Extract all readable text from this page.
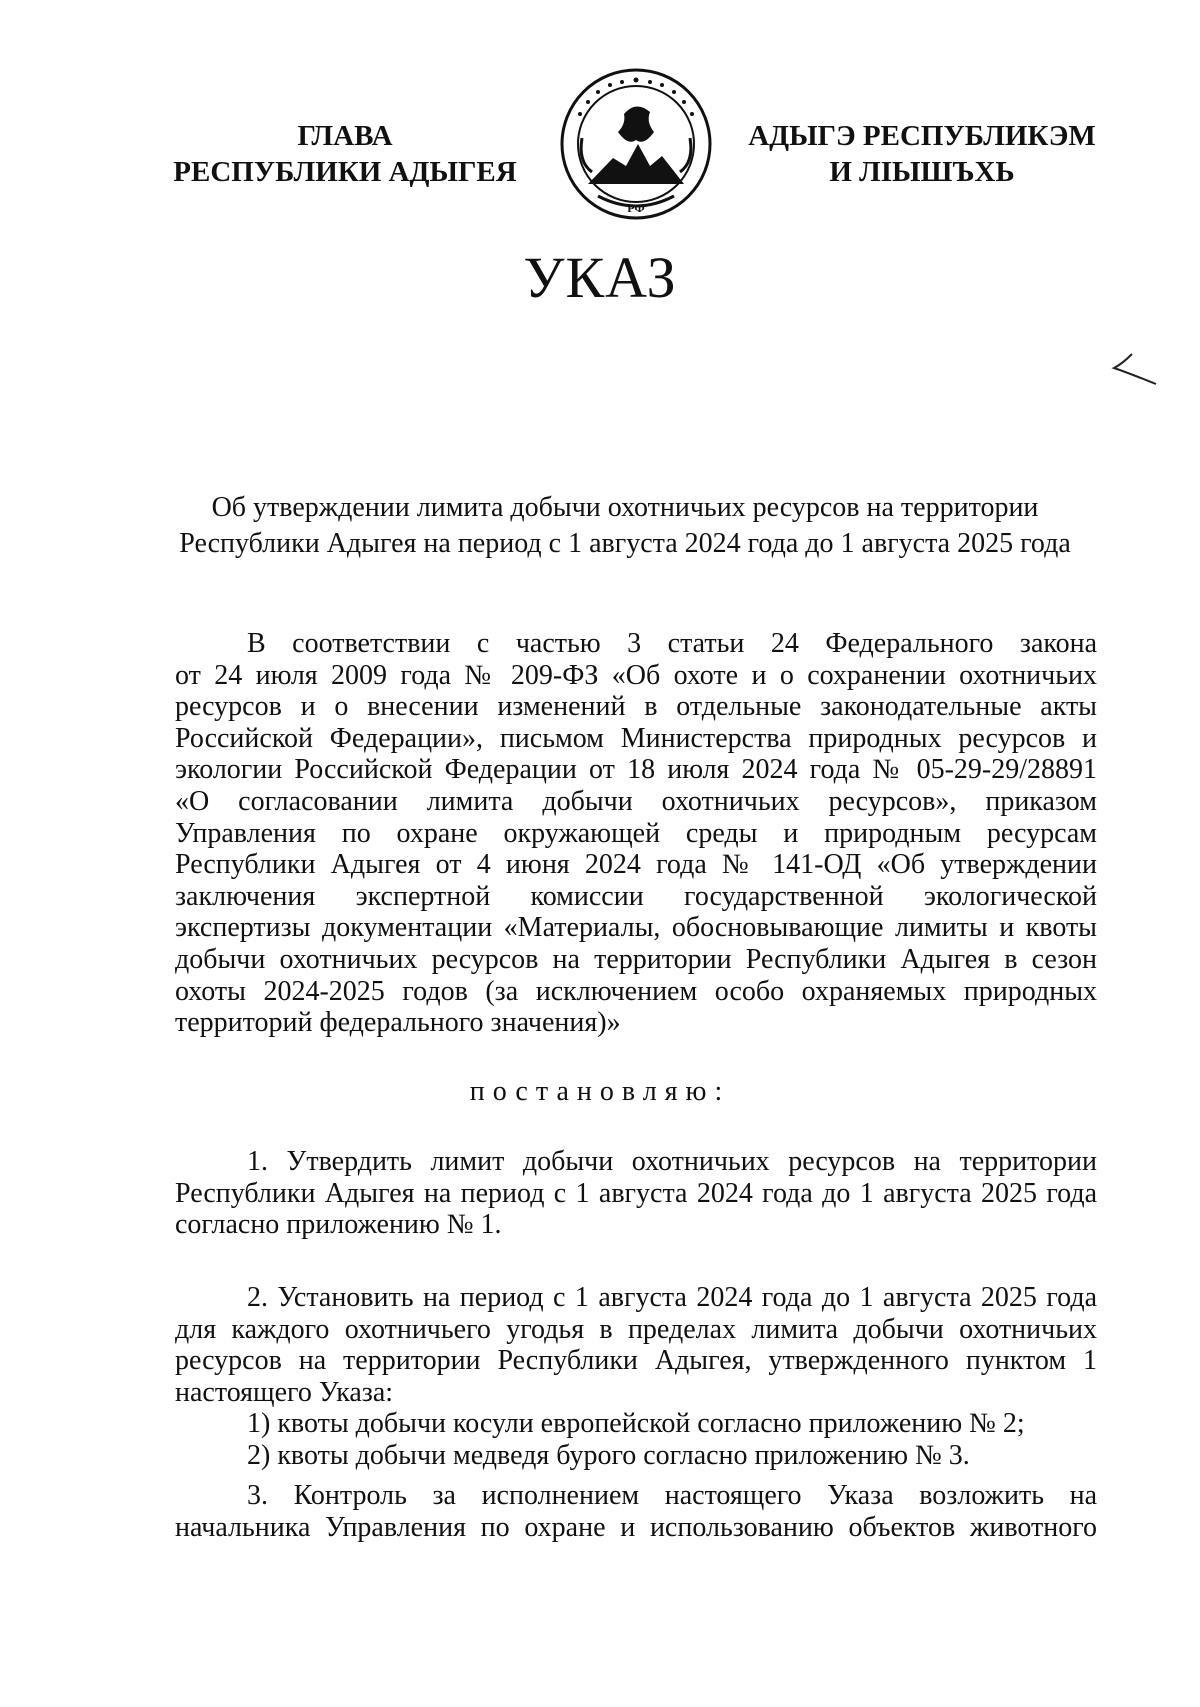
ГЛАВА
РЕСПУБЛИКИ АДЫГЕЯ
РФ
АДЫГЭ РЕСПУБЛИКЭМ
И ЛІЫШЪХЬ
УКАЗ
Об утверждении лимита добычи охотничьих ресурсов на территории
Республики Адыгея на период с 1 августа 2024 года до 1 августа 2025 года
В соответствии с частью 3 статьи 24 Федерального закона
от 24 июля 2009 года № 209-ФЗ «Об охоте и о сохранении охотничьих
ресурсов и о внесении изменений в отдельные законодательные акты
Российской Федерации», письмом Министерства природных ресурсов и
экологии Российской Федерации от 18 июля 2024 года № 05-29-29/28891
«О согласовании лимита добычи охотничьих ресурсов», приказом
Управления по охране окружающей среды и природным ресурсам
Республики Адыгея от 4 июня 2024 года № 141-ОД «Об утверждении
заключения экспертной комиссии государственной экологической
экспертизы документации «Материалы, обосновывающие лимиты и квоты
добычи охотничьих ресурсов на территории Республики Адыгея в сезон
охоты 2024-2025 годов (за исключением особо охраняемых природных
территорий федерального значения)»
постановляю:
1. Утвердить лимит добычи охотничьих ресурсов на территории
Республики Адыгея на период с 1 августа 2024 года до 1 августа 2025 года
согласно приложению № 1.
2. Установить на период с 1 августа 2024 года до 1 августа 2025 года
для каждого охотничьего угодья в пределах лимита добычи охотничьих
ресурсов на территории Республики Адыгея, утвержденного пунктом 1
настоящего Указа:
1) квоты добычи косули европейской согласно приложению № 2;
2) квоты добычи медведя бурого согласно приложению № 3.
3. Контроль за исполнением настоящего Указа возложить на
начальника Управления по охране и использованию объектов животного
